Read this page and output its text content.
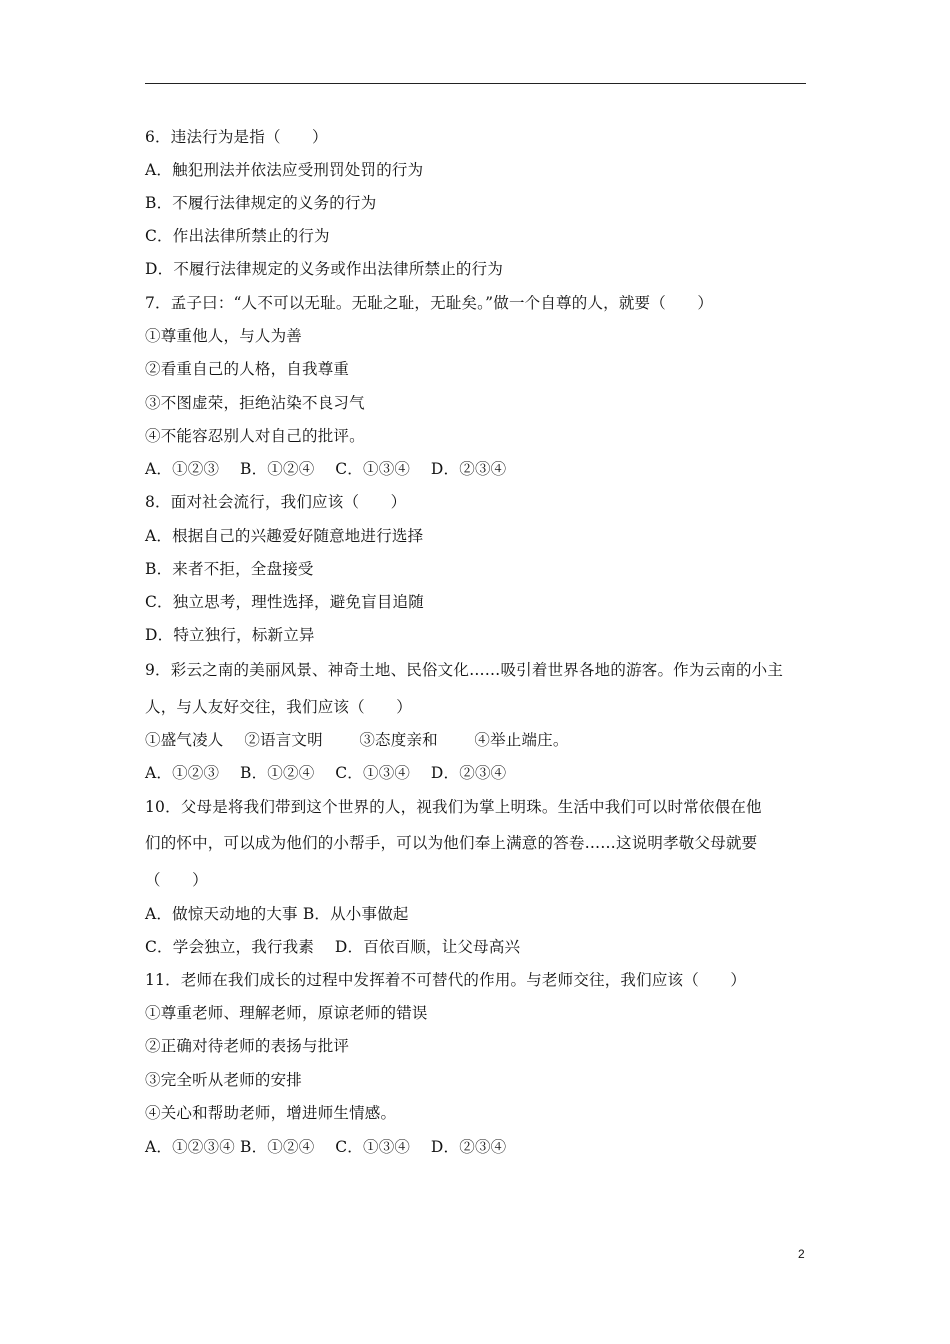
6．违法行为是指（　　）
A．触犯刑法并依法应受刑罚处罚的行为
B．不履行法律规定的义务的行为
C．作出法律所禁止的行为
D．不履行法律规定的义务或作出法律所禁止的行为
7．孟子曰：“人不可以无耻。无耻之耻，无耻矣。”做一个自尊的人，就要（　　）
①尊重他人，与人为善
②看重自己的人格，自我尊重
③不图虚荣，拒绝沾染不良习气
④不能容忍别人对自己的批评。
A．①②③　 B．①②④　 C．①③④　 D．②③④
8．面对社会流行，我们应该（　　）
A．根据自己的兴趣爱好随意地进行选择
B．来者不拒，全盘接受
C．独立思考，理性选择，避免盲目追随
D．特立独行，标新立异
9．彩云之南的美丽风景、神奇土地、民俗文化……吸引着世界各地的游客。作为云南的小主
人，与人友好交往，我们应该（　　）
①盛气凌人　 ②语言文明　　 ③态度亲和　　 ④举止端庄。
A．①②③　 B．①②④　 C．①③④　 D．②③④
10．父母是将我们带到这个世界的人，视我们为掌上明珠。生活中我们可以时常依偎在他
们的怀中，可以成为他们的小帮手，可以为他们奉上满意的答卷……这说明孝敬父母就要
（　　）
A．做惊天动地的大事 B．从小事做起
C．学会独立，我行我素　 D．百依百顺，让父母高兴
11．老师在我们成长的过程中发挥着不可替代的作用。与老师交往，我们应该（　　）
①尊重老师、理解老师，原谅老师的错误
②正确对待老师的表扬与批评
③完全听从老师的安排
④关心和帮助老师，增进师生情感。
A．①②③④ B．①②④　 C．①③④　 D．②③④
2
